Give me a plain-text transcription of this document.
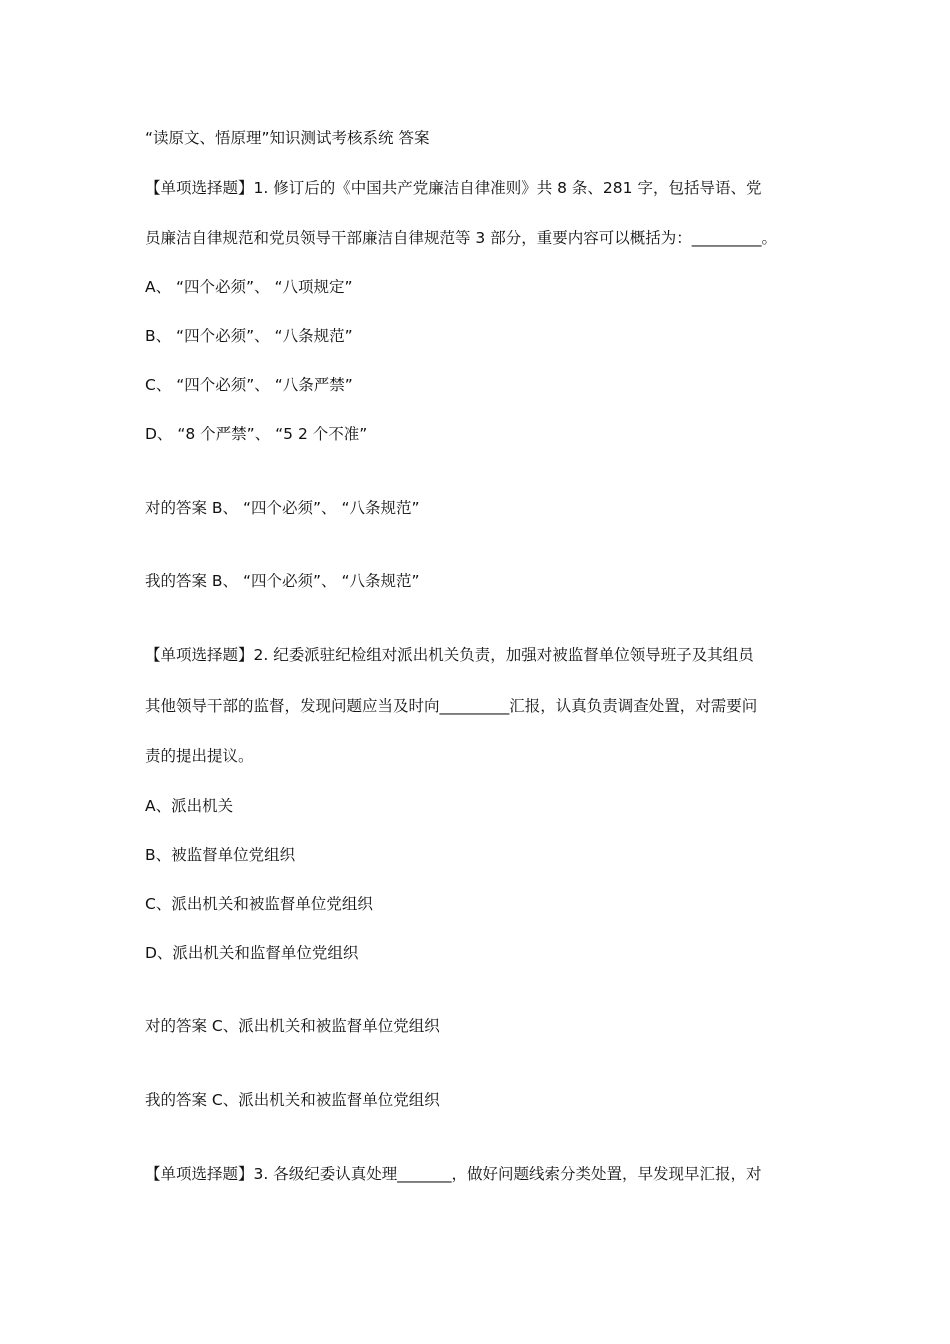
“读原文、悟原理”知识测试考核系统 答案
【单项选择题】1. 修订后的《中国共产党廉洁自律准则》共 8 条、281 字，包括导语、党
员廉洁自律规范和党员领导干部廉洁自律规范等 3 部分，重要内容可以概括为：_________。
A、 “四个必须”、 “八项规定”
B、 “四个必须”、 “八条规范”
C、 “四个必须”、 “八条严禁”
D、 “8 个严禁”、 “5 2 个不准”
对的答案 B、 “四个必须”、 “八条规范”
我的答案 B、 “四个必须”、 “八条规范”
【单项选择题】2. 纪委派驻纪检组对派出机关负责，加强对被监督单位领导班子及其组员
其他领导干部的监督，发现问题应当及时向_________汇报，认真负责调查处置，对需要问
责的提出提议。
A、派出机关
B、被监督单位党组织
C、派出机关和被监督单位党组织
D、派出机关和监督单位党组织
对的答案 C、派出机关和被监督单位党组织
我的答案 C、派出机关和被监督单位党组织
【单项选择题】3. 各级纪委认真处理_______，做好问题线索分类处置，早发现早汇报，对
